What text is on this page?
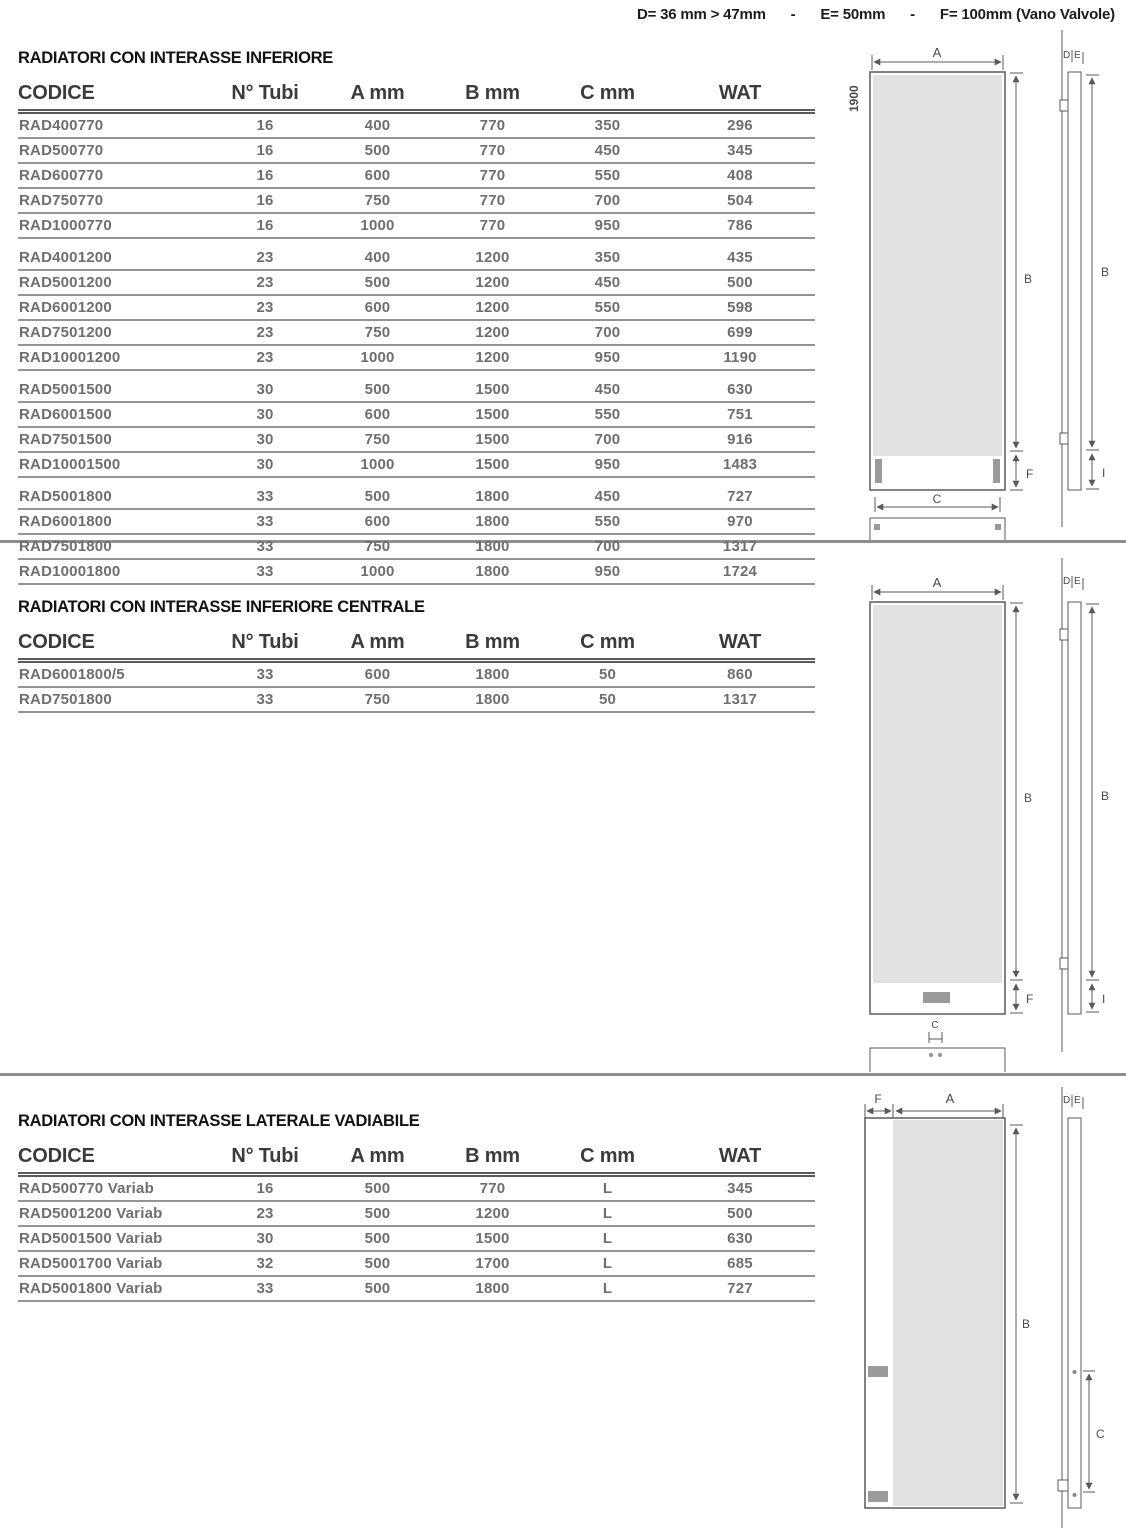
D= 36 mm > 47mm - E= 50mm - F= 100mm (Vano Valvole)
RADIATORI CON INTERASSE INFERIORE
CODICE	N° Tubi	A mm	B mm	C mm	WAT
RAD400770	16	400	770	350	296
RAD500770	16	500	770	450	345
RAD600770	16	600	770	550	408
RAD750770	16	750	770	700	504
RAD1000770	16	1000	770	950	786

RAD4001200	23	400	1200	350	435
RAD5001200	23	500	1200	450	500
RAD6001200	23	600	1200	550	598
RAD7501200	23	750	1200	700	699
RAD10001200	23	1000	1200	950	1190

RAD5001500	30	500	1500	450	630
RAD6001500	30	600	1500	550	751
RAD7501500	30	750	1500	700	916
RAD10001500	30	1000	1500	950	1483

RAD5001800	33	500	1800	450	727
RAD6001800	33	600	1800	550	970
RAD7501800	33	750	1800	700	1317
RAD10001800	33	1000	1800	950	1724
RADIATORI CON INTERASSE INFERIORE CENTRALE
CODICE	N° Tubi	A mm	B mm	C mm	WAT
RAD6001800/5	33	600	1800	50	860
RAD7501800	33	750	1800	50	1317
RADIATORI CON INTERASSE LATERALE VADIABILE
CODICE	N° Tubi	A mm	B mm	C mm	WAT
RAD500770 Variab	16	500	770	L	345
RAD5001200 Variab	23	500	1200	L	500
RAD5001500 Variab	30	500	1500	L	630
RAD5001700 Variab	32	500	1700	L	685
RAD5001800 Variab	33	500	1800	L	727
1900
A
B
F
C
D E
B
I
A
B
F
C
D E
B
I
F	A
B
D E
C
